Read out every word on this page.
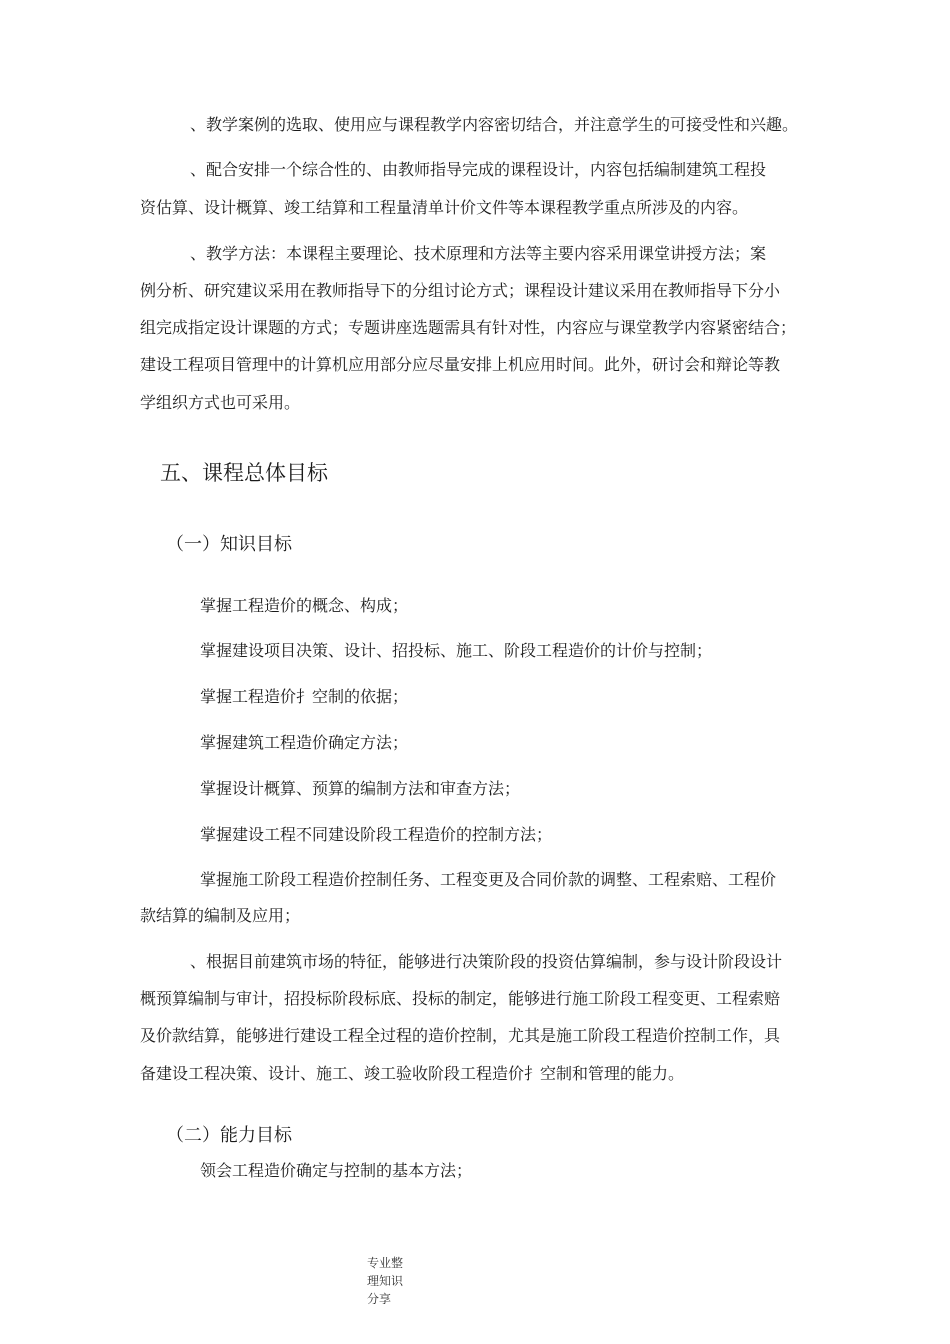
、教学案例的选取、使用应与课程教学内容密切结合，并注意学生的可接受性和兴趣。
、配合安排一个综合性的、由教师指导完成的课程设计，内容包括编制建筑工程投
资估算、设计概算、竣工结算和工程量清单计价文件等本课程教学重点所涉及的内容。
、教学方法：本课程主要理论、技术原理和方法等主要内容采用课堂讲授方法；案
例分析、研究建议采用在教师指导下的分组讨论方式；课程设计建议采用在教师指导下分小
组完成指定设计课题的方式；专题讲座选题需具有针对性，内容应与课堂教学内容紧密结合；
建设工程项目管理中的计算机应用部分应尽量安排上机应用时间。此外，研讨会和辩论等教
学组织方式也可采用。
五、课程总体目标
（一）知识目标
掌握工程造价的概念、构成；
掌握建设项目决策、设计、招投标、施工、阶段工程造价的计价与控制；
掌握工程造价扌空制的依据；
掌握建筑工程造价确定方法；
掌握设计概算、预算的编制方法和审查方法；
掌握建设工程不同建设阶段工程造价的控制方法；
掌握施工阶段工程造价控制任务、工程变更及合同价款的调整、工程索赔、工程价
款结算的编制及应用；
、根据目前建筑市场的特征，能够进行决策阶段的投资估算编制，参与设计阶段设计
概预算编制与审计，招投标阶段标底、投标的制定，能够进行施工阶段工程变更、工程索赔
及价款结算，能够进行建设工程全过程的造价控制，尤其是施工阶段工程造价控制工作，具
备建设工程决策、设计、施工、竣工验收阶段工程造价扌空制和管理的能力。
（二）能力目标
领会工程造价确定与控制的基本方法；
专业整
理知识
分享
